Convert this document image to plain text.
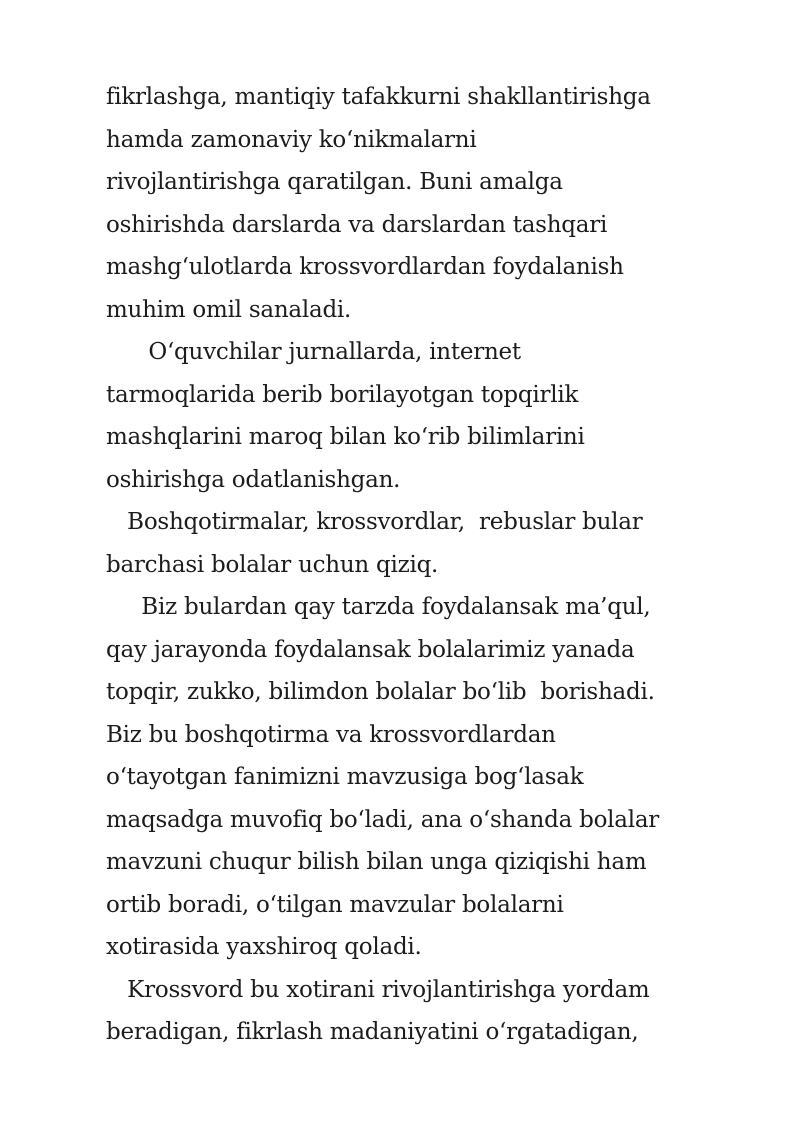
fikrlashga, mantiqiy tafakkurni shakllantirishga
hamda zamonaviy ko‘nikmalarni
rivojlantirishga qaratilgan. Buni amalga
oshirishda darslarda va darslardan tashqari
mashg‘ulotlarda krossvordlardan foydalanish
muhim omil sanaladi.
O‘quvchilar jurnallarda, internet
tarmoqlarida berib borilayotgan topqirlik
mashqlarini maroq bilan ko‘rib bilimlarini
oshirishga odatlanishgan.
Boshqotirmalar, krossvordlar,  rebuslar bular
barchasi bolalar uchun qiziq.
Biz bulardan qay tarzda foydalansak ma’qul,
qay jarayonda foydalansak bolalarimiz yanada
topqir, zukko, bilimdon bolalar bo‘lib  borishadi.
Biz bu boshqotirma va krossvordlardan
o‘tayotgan fanimizni mavzusiga bog‘lasak
maqsadga muvofiq bo‘ladi, ana o‘shanda bolalar
mavzuni chuqur bilish bilan unga qiziqishi ham
ortib boradi, o‘tilgan mavzular bolalarni
xotirasida yaxshiroq qoladi.
Krossvord bu xotirani rivojlantirishga yordam
beradigan, fikrlash madaniyatini o‘rgatadigan,
